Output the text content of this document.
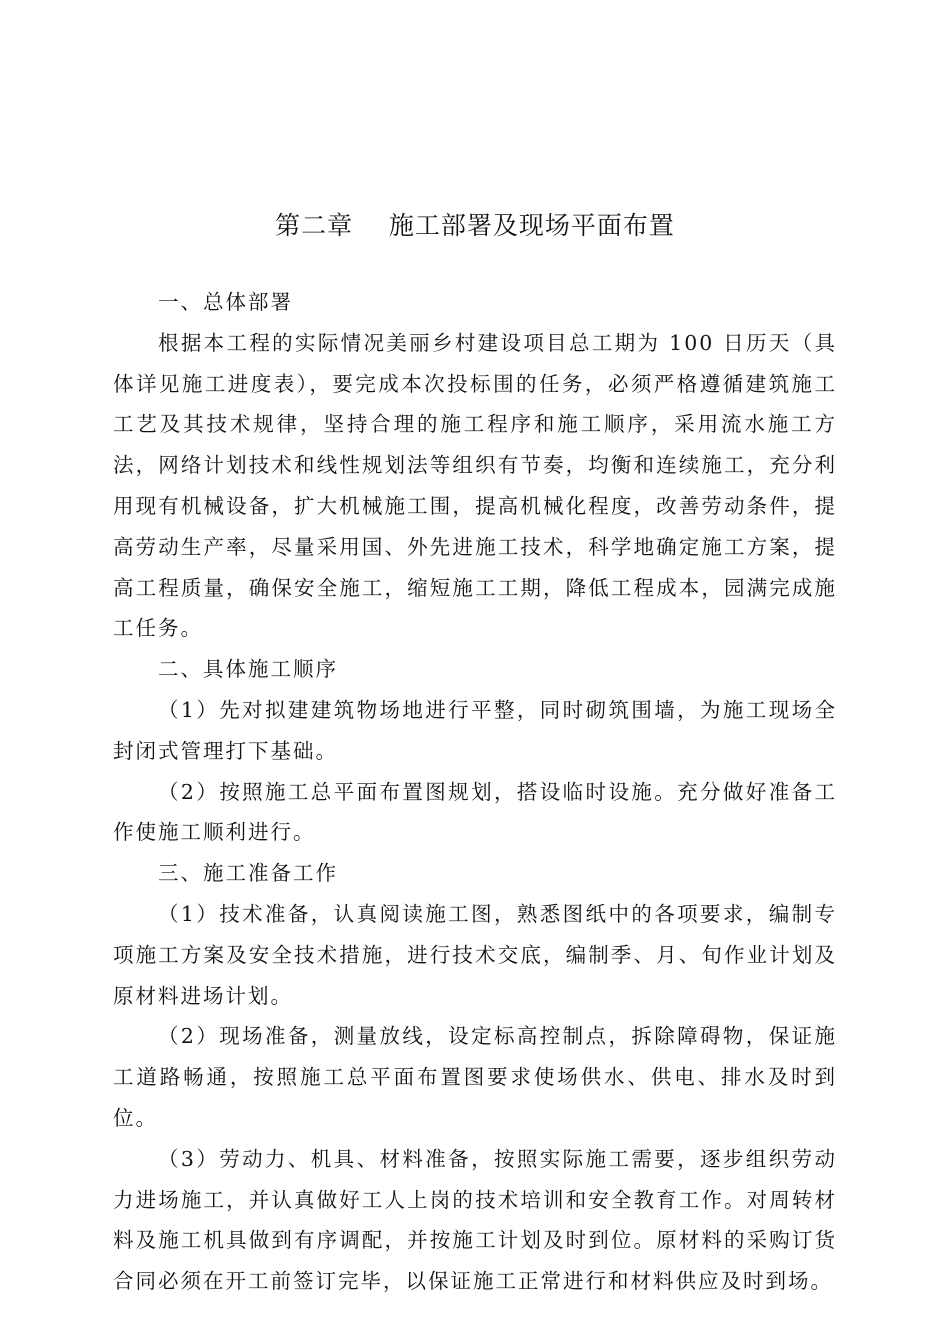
第二章    施工部署及现场平面布置

一、总体部署

根据本工程的实际情况美丽乡村建设项目总工期为 100 日历天（具体详见施工进度表），要完成本次投标围的任务，必须严格遵循建筑施工工艺及其技术规律，坚持合理的施工程序和施工顺序，采用流水施工方法，网络计划技术和线性规划法等组织有节奏，均衡和连续施工，充分利用现有机械设备，扩大机械施工围，提高机械化程度，改善劳动条件，提高劳动生产率，尽量采用国、外先进施工技术，科学地确定施工方案，提高工程质量，确保安全施工，缩短施工工期，降低工程成本，园满完成施工任务。

二、具体施工顺序

（1）先对拟建建筑物场地进行平整，同时砌筑围墙，为施工现场全封闭式管理打下基础。

（2）按照施工总平面布置图规划，搭设临时设施。充分做好准备工作使施工顺利进行。

三、施工准备工作

（1）技术准备，认真阅读施工图，熟悉图纸中的各项要求，编制专项施工方案及安全技术措施，进行技术交底，编制季、月、旬作业计划及原材料进场计划。

（2）现场准备，测量放线，设定标高控制点，拆除障碍物，保证施工道路畅通，按照施工总平面布置图要求使场供水、供电、排水及时到位。

（3）劳动力、机具、材料准备，按照实际施工需要，逐步组织劳动力进场施工，并认真做好工人上岗的技术培训和安全教育工作。对周转材料及施工机具做到有序调配，并按施工计划及时到位。原材料的采购订货合同必须在开工前签订完毕，以保证施工正常进行和材料供应及时到场。
